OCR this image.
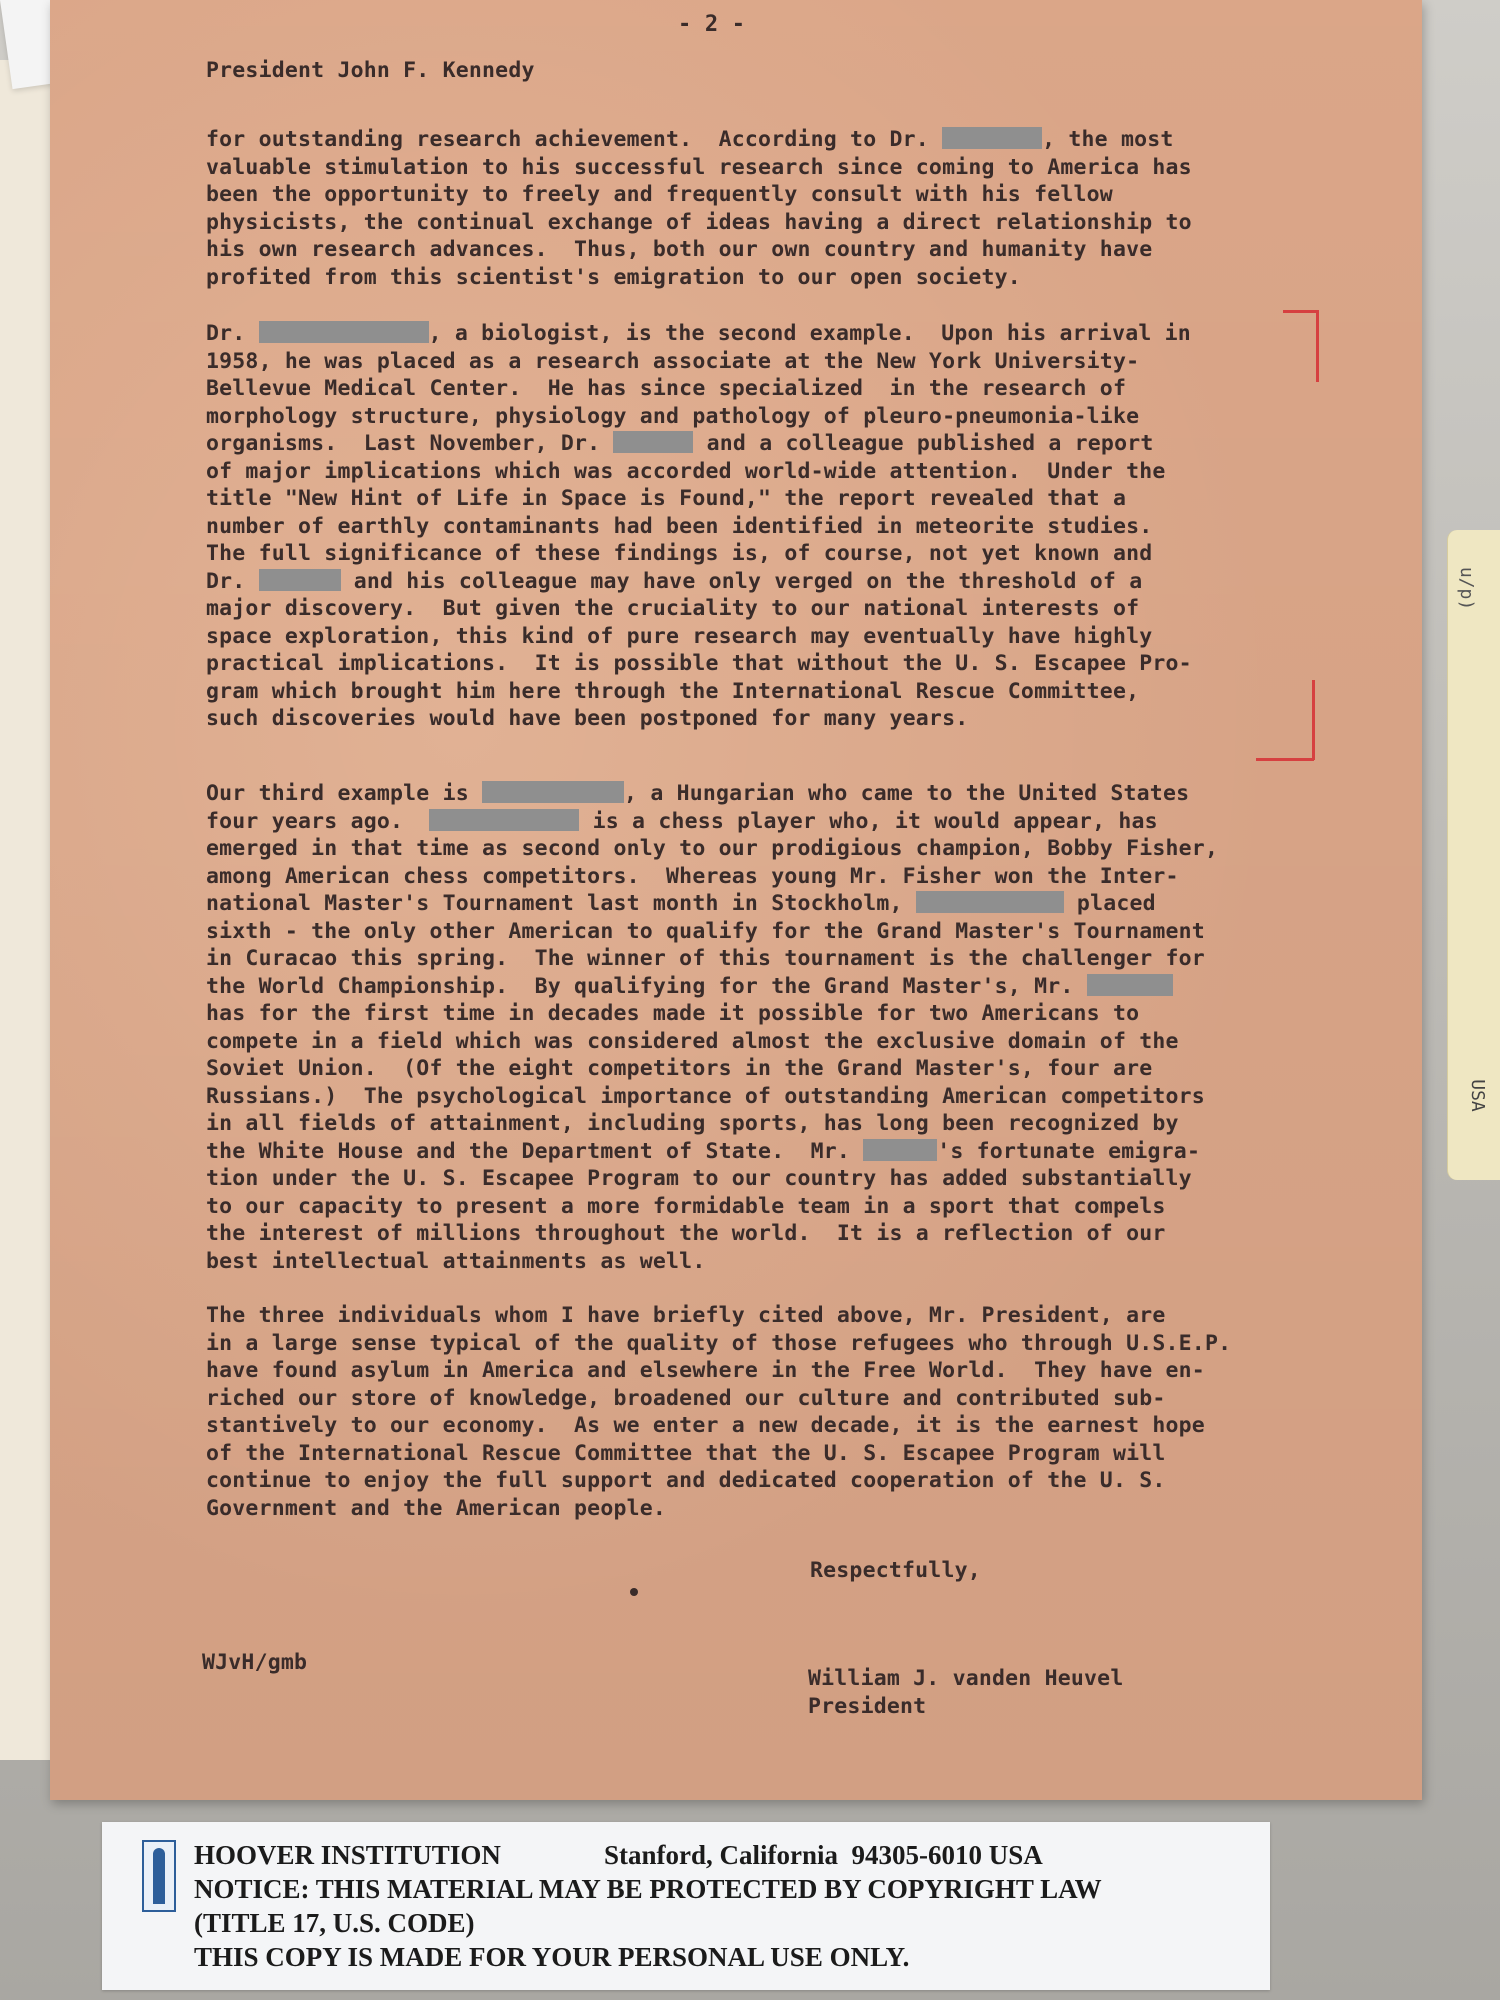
u/p)
USA
- 2 -
President John F. Kennedy
for outstanding research achievement.  According to Dr.	, the most
valuable stimulation to his successful research since coming to America has
been the opportunity to freely and frequently consult with his fellow
physicists, the continual exchange of ideas having a direct relationship to
his own research advances.  Thus, both our own country and humanity have
profited from this scientist's emigration to our open society.
Dr.	, a biologist, is the second example.  Upon his arrival in
1958, he was placed as a research associate at the New York University-
Bellevue Medical Center.  He has since specialized  in the research of
morphology structure, physiology and pathology of pleuro-pneumonia-like
organisms.  Last November, Dr.	and a colleague published a report
of major implications which was accorded world-wide attention.  Under the
title "New Hint of Life in Space is Found," the report revealed that a
number of earthly contaminants had been identified in meteorite studies.
The full significance of these findings is, of course, not yet known and
Dr.	and his colleague may have only verged on the threshold of a
major discovery.  But given the cruciality to our national interests of
space exploration, this kind of pure research may eventually have highly
practical implications.  It is possible that without the U. S. Escapee Pro-
gram which brought him here through the International Rescue Committee,
such discoveries would have been postponed for many years.
Our third example is	, a Hungarian who came to the United States
four years ago.	is a chess player who, it would appear, has
emerged in that time as second only to our prodigious champion, Bobby Fisher,
among American chess competitors.  Whereas young Mr. Fisher won the Inter-
national Master's Tournament last month in Stockholm,	placed
sixth - the only other American to qualify for the Grand Master's Tournament
in Curacao this spring.  The winner of this tournament is the challenger for
the World Championship.  By qualifying for the Grand Master's, Mr.
has for the first time in decades made it possible for two Americans to
compete in a field which was considered almost the exclusive domain of the
Soviet Union.  (Of the eight competitors in the Grand Master's, four are
Russians.)  The psychological importance of outstanding American competitors
in all fields of attainment, including sports, has long been recognized by
the White House and the Department of State.  Mr.	's fortunate emigra-
tion under the U. S. Escapee Program to our country has added substantially
to our capacity to present a more formidable team in a sport that compels
the interest of millions throughout the world.  It is a reflection of our
best intellectual attainments as well.
The three individuals whom I have briefly cited above, Mr. President, are
in a large sense typical of the quality of those refugees who through U.S.E.P.
have found asylum in America and elsewhere in the Free World.  They have en-
riched our store of knowledge, broadened our culture and contributed sub-
stantively to our economy.  As we enter a new decade, it is the earnest hope
of the International Rescue Committee that the U. S. Escapee Program will
continue to enjoy the full support and dedicated cooperation of the U. S.
Government and the American people.
Respectfully,
WJvH/gmb
William J. vanden Heuvel
President
HOOVER INSTITUTION	Stanford, California  94305-6010 USA
NOTICE: THIS MATERIAL MAY BE PROTECTED BY COPYRIGHT LAW
(TITLE 17, U.S. CODE)
THIS COPY IS MADE FOR YOUR PERSONAL USE ONLY.
